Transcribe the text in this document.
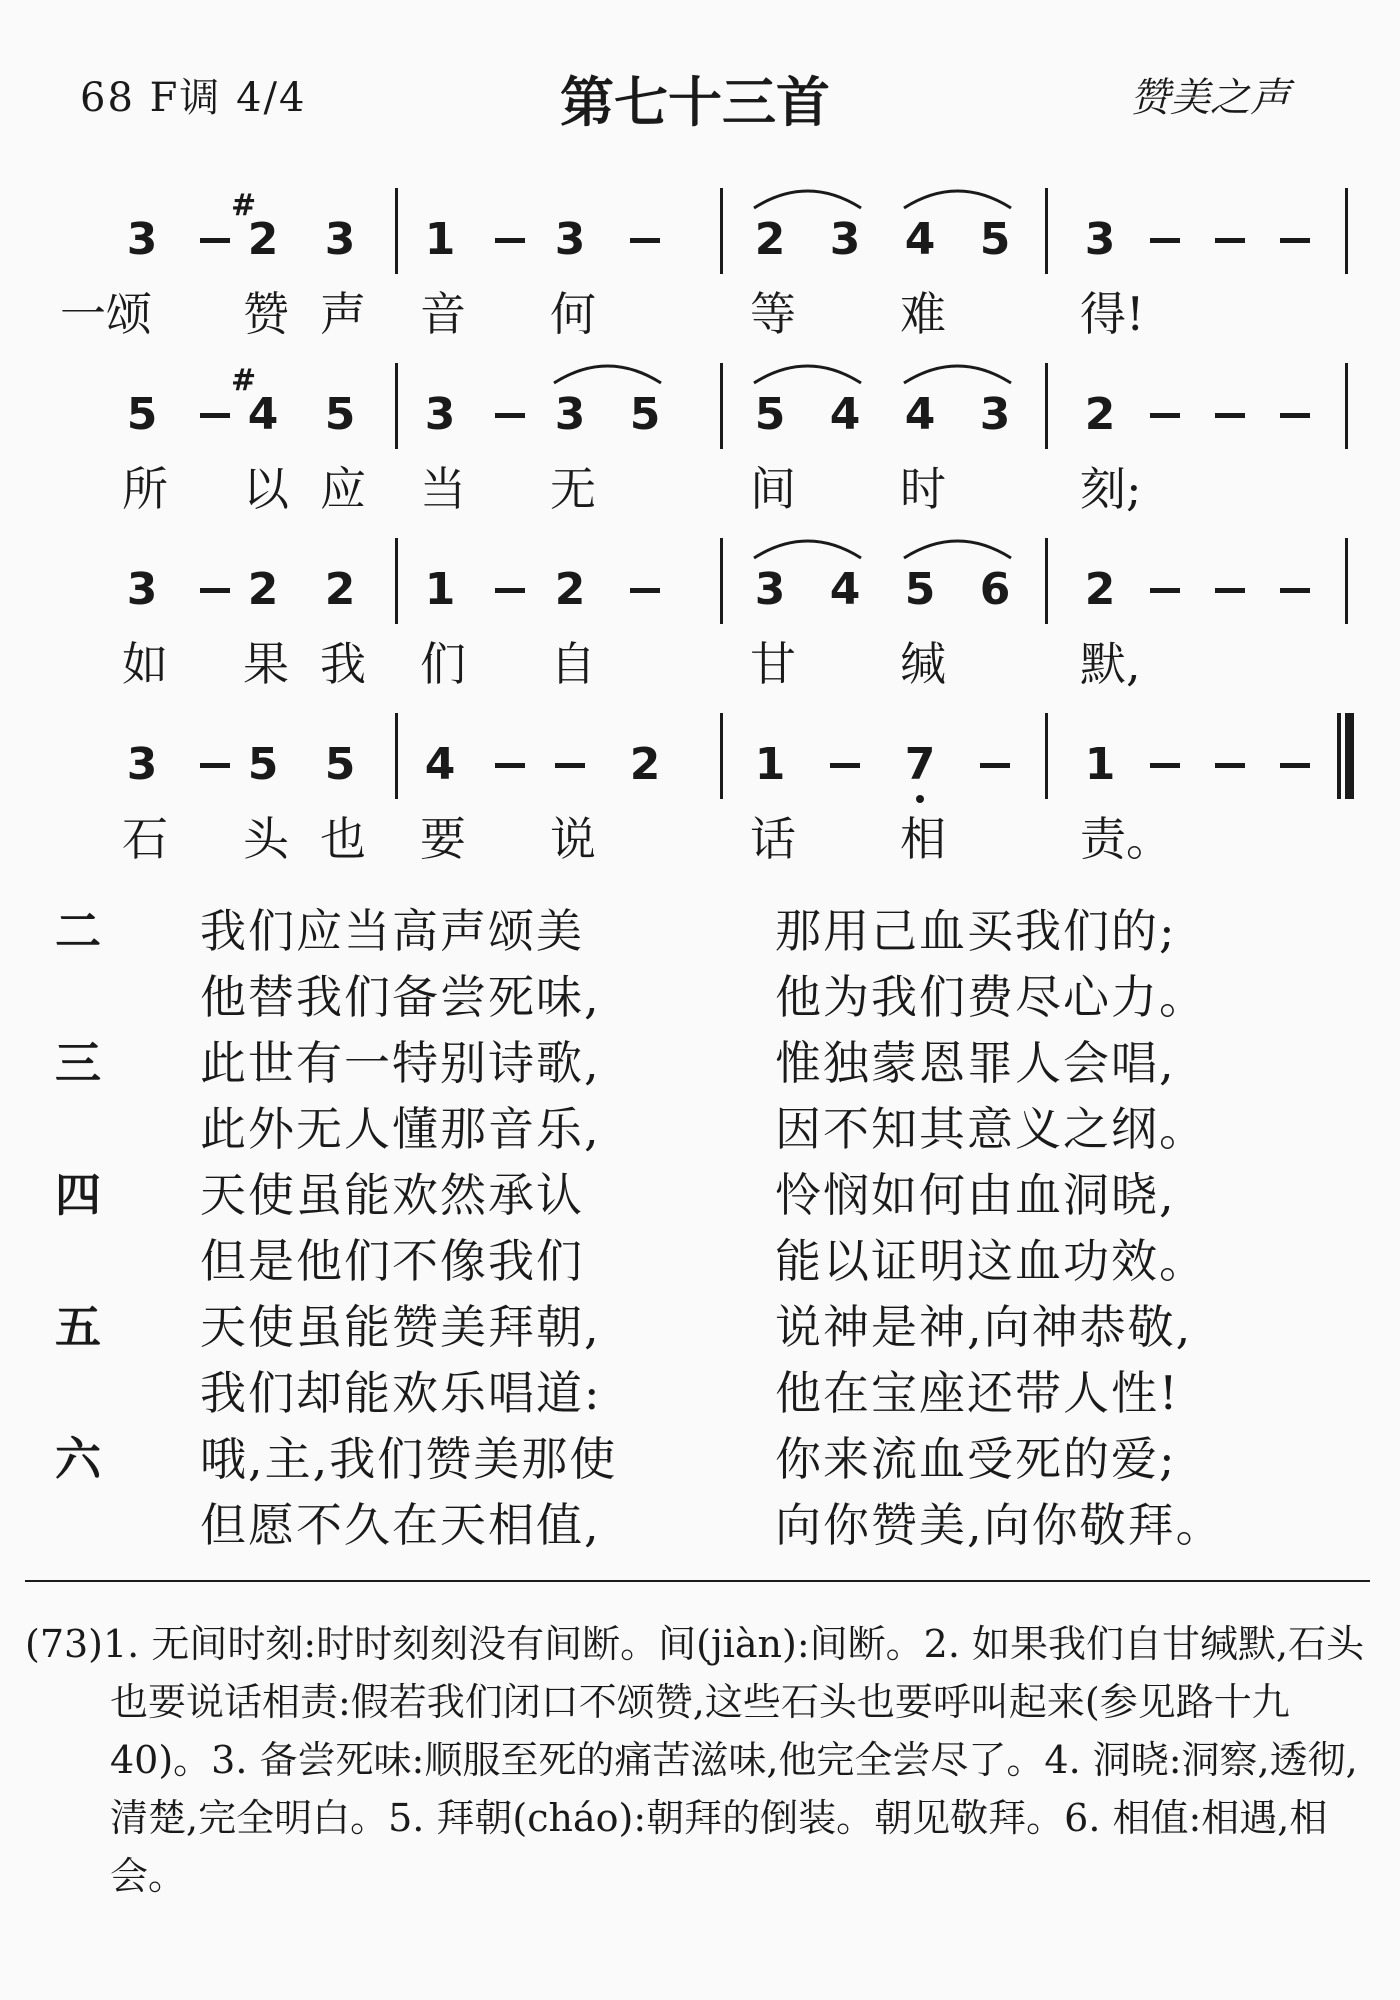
68 F调 4/4	第七十三首	赞美之声
3
#
2	3	1	3	2	3	4	5	3
一颂 赞 声 音 何	等 难	得!
5
#
4	5	3	3	5	5	4	4	3	2
所 以 应 当 无	间 时	刻;
3	2	2	1	2	3	4	5	6	2
如 果 我 们 自	甘 缄	默,
3	5	5	4	2	1	7	1
石 头 也 要 说	话 相	责。
二 我们应当高声颂美	那用己血买我们的;
他替我们备尝死味,	他为我们费尽心力。
三 此世有一特别诗歌,	惟独蒙恩罪人会唱,
此外无人懂那音乐,	因不知其意义之纲。
四 天使虽能欢然承认	怜悯如何由血洞晓,
但是他们不像我们	能以证明这血功效。
五 天使虽能赞美拜朝,	说神是神,向神恭敬,
我们却能欢乐唱道:	他在宝座还带人性!
六 哦,主,我们赞美那使	你来流血受死的爱;
但愿不久在天相值,	向你赞美,向你敬拜。
(73)1. 无间时刻:时时刻刻没有间断。间(jiàn):间断。2. 如果我们自甘缄默,石头也要说话相责:假若我们闭口不颂赞,这些石头也要呼叫起来(参见路十九 40)。3. 备尝死味:顺服至死的痛苦滋味,他完全尝尽了。4. 洞晓:洞察,透彻,清楚,完全明白。5. 拜朝(cháo):朝拜的倒装。朝见敬拜。6. 相值:相遇,相会。
